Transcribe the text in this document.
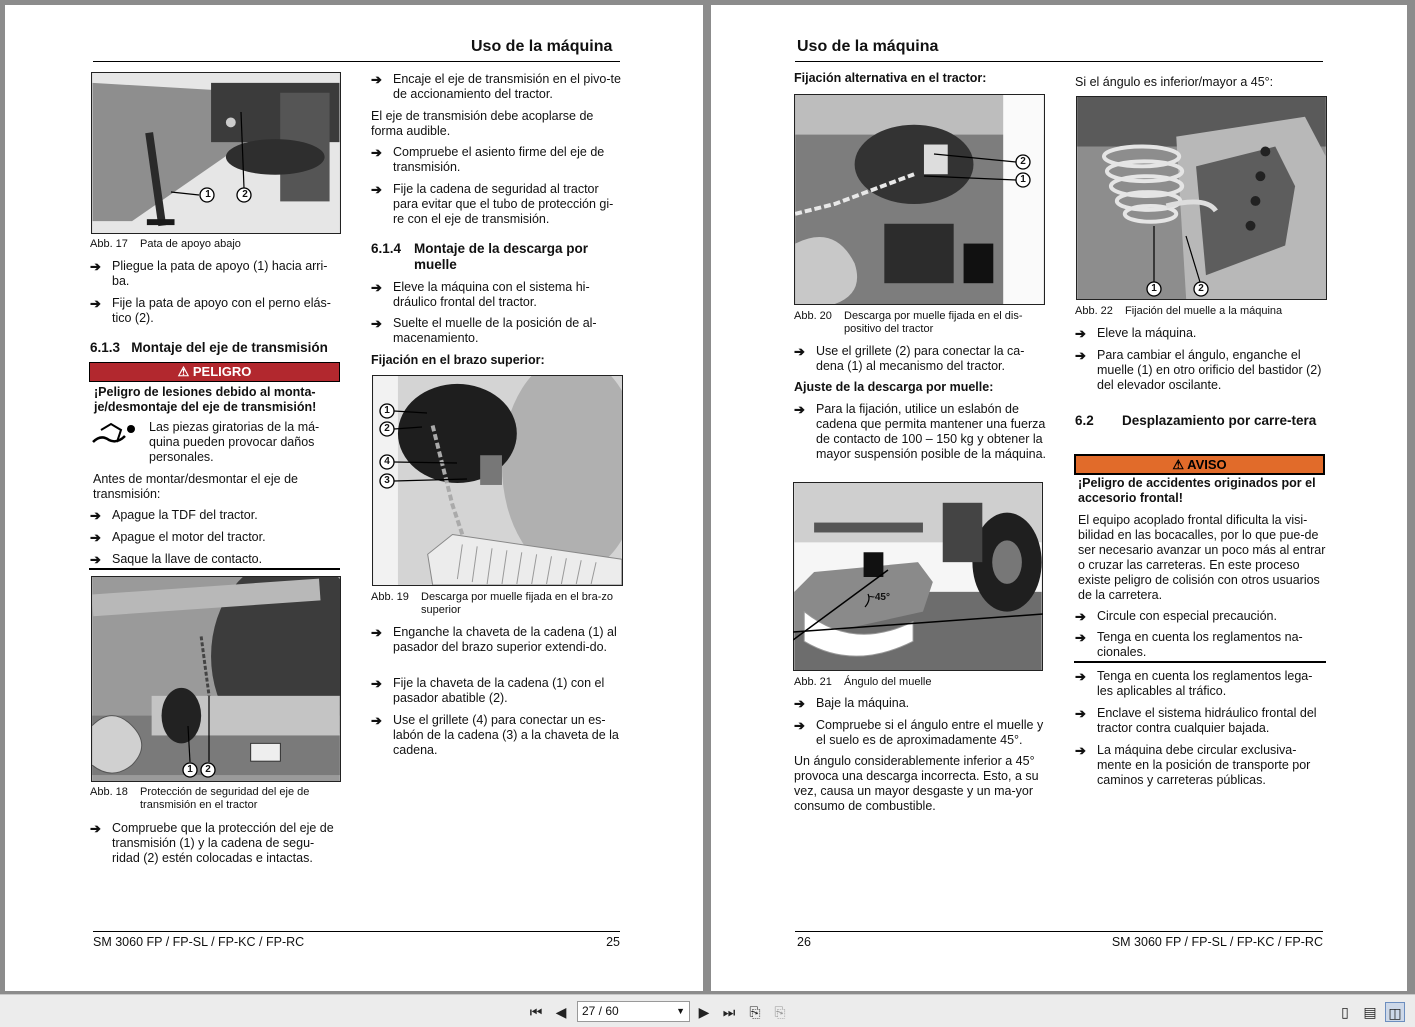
Uso de la máquina
1	2
Abb. 17 Pata de apoyo abajo
➔ Pliegue la pata de apoyo (1) hacia arri-ba.
➔ Fije la pata de apoyo con el perno elás-tico (2).
6.1.3 Montaje del eje de transmisión
⚠ PELIGRO
¡Peligro de lesiones debido al monta-je/desmontaje del eje de transmisión!
Las piezas giratorias de la má-quina pueden provocar daños personales.
Antes de montar/desmontar el eje de transmisión:
➔ Apague la TDF del tractor.
➔ Apague el motor del tractor.
➔ Saque la llave de contacto.
1 2
Abb. 18 Protección de seguridad del eje de transmisión en el tractor
➔ Compruebe que la protección del eje de transmisión (1) y la cadena de segu-ridad (2) estén colocadas e intactas.
➔ Encaje el eje de transmisión en el pivo-te de accionamiento del tractor.
El eje de transmisión debe acoplarse de forma audible.
➔ Compruebe el asiento firme del eje de transmisión.
➔ Fije la cadena de seguridad al tractor para evitar que el tubo de protección gi-re con el eje de transmisión.
6.1.4 Montaje de la descarga por muelle
➔ Eleve la máquina con el sistema hi-dráulico frontal del tractor.
➔ Suelte el muelle de la posición de al-macenamiento.
Fijación en el brazo superior:
1
2
4
3
Abb. 19 Descarga por muelle fijada en el bra-zo superior
➔ Enganche la chaveta de la cadena (1) al pasador del brazo superior extendi-do.
➔ Fije la chaveta de la cadena (1) con el pasador abatible (2).
➔ Use el grillete (4) para conectar un es-labón de la cadena (3) a la chaveta de la cadena.
SM 3060 FP / FP-SL / FP-KC / FP-RC	25
Uso de la máquina
Fijación alternativa en el tractor:
2
1
Abb. 20 Descarga por muelle fijada en el dis-positivo del tractor
➔ Use el grillete (2) para conectar la ca-dena (1) al mecanismo del tractor.
Ajuste de la descarga por muelle:
➔ Para la fijación, utilice un eslabón de cadena que permita mantener una fuerza de contacto de 100 – 150 kg y obtener la mayor suspensión posible de la máquina.
~45°
Abb. 21 Ángulo del muelle
➔ Baje la máquina.
➔ Compruebe si el ángulo entre el muelle y el suelo es de aproximadamente 45°.
Un ángulo considerablemente inferior a 45° provoca una descarga incorrecta. Esto, a su vez, causa un mayor desgaste y un ma-yor consumo de combustible.
Si el ángulo es inferior/mayor a 45°:
1	2
Abb. 22 Fijación del muelle a la máquina
➔ Eleve la máquina.
➔ Para cambiar el ángulo, enganche el muelle (1) en otro orificio del bastidor (2) del elevador oscilante.
6.2	Desplazamiento por carre-tera
⚠ AVISO
¡Peligro de accidentes originados por el accesorio frontal!
El equipo acoplado frontal dificulta la visi-bilidad en las bocacalles, por lo que pue-de ser necesario avanzar un poco más al entrar o cruzar las carreteras. En este proceso existe peligro de colisión con otros usuarios de la carretera.
➔ Circule con especial precaución.
➔ Tenga en cuenta los reglamentos na-cionales.
➔ Tenga en cuenta los reglamentos lega-les aplicables al tráfico.
➔ Enclave el sistema hidráulico frontal del tractor contra cualquier bajada.
➔ La máquina debe circular exclusiva-mente en la posición de transporte por caminos y carreteras públicas.
26	SM 3060 FP / FP-SL / FP-KC / FP-RC
⏮ ◀	27 / 60	▼ ▶ ⏭	⎘ ⎘	▯	▤ ◫
